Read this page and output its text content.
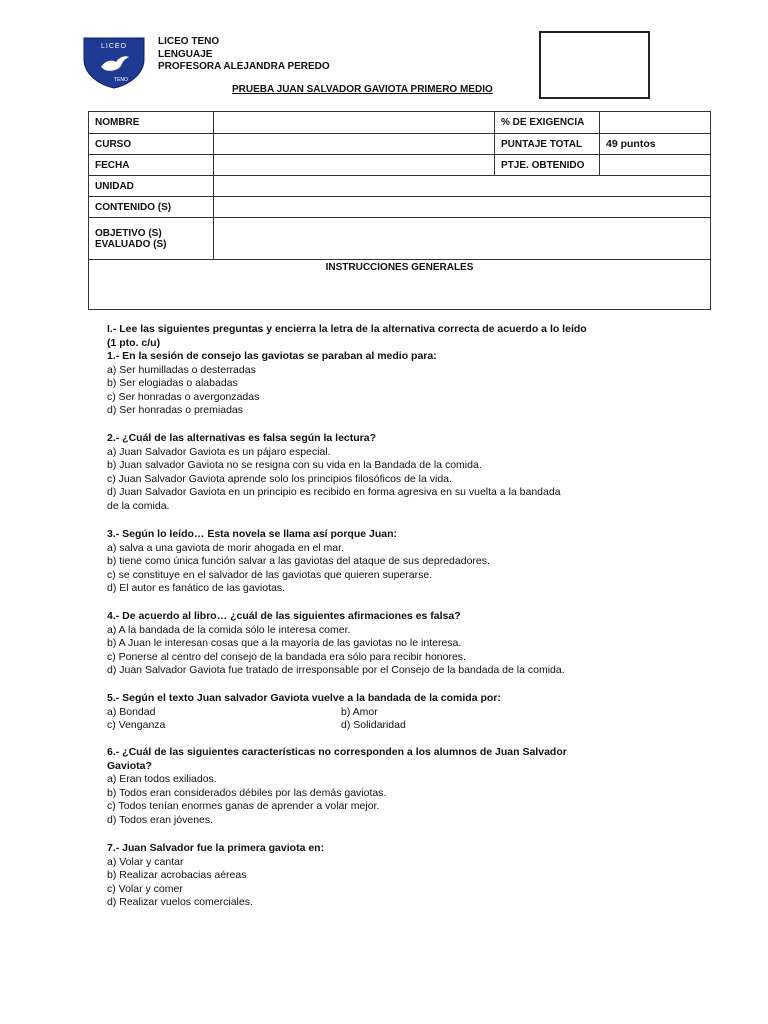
LICEO
TENO
LICEO TENO
LENGUAJE
PROFESORA ALEJANDRA PEREDO
PRUEBA JUAN SALVADOR GAVIOTA PRIMERO MEDIO
NOMBRE		% DE EXIGENCIA	
CURSO		PUNTAJE TOTAL	49 puntos
FECHA		PTJE. OBTENIDO	
UNIDAD			
CONTENIDO (S)			

OBJETIVO (S)
EVALUADO (S)			

INSTRUCCIONES GENERALES			
I.- Lee las siguientes preguntas y encierra la letra de la alternativa correcta de acuerdo a lo leído
(1 pto. c/u)
1.- En la sesión de consejo las gaviotas se paraban al medio para:
a) Ser humilladas o desterradas
b) Ser elogiadas o alabadas
c) Ser honradas o avergonzadas
d) Ser honradas o premiadas
2.- ¿Cuál de las alternativas es falsa según la lectura?
a) Juan Salvador Gaviota es un pájaro especial.
b) Juan salvador Gaviota no se resigna con su vida en la Bandada de la comida.
c) Juan Salvador Gaviota aprende solo los principios filosóficos de la vida.
d) Juan Salvador Gaviota en un principio es recibido en forma agresiva en su vuelta a la bandada
de la comida.
3.- Según lo leído… Esta novela se llama así porque Juan:
a) salva a una gaviota de morir ahogada en el mar.
b) tiene como única función salvar a las gaviotas del ataque de sus depredadores.
c) se constituye en el salvador de las gaviotas que quieren superarse.
d) El autor es fanático de las gaviotas.
4.- De acuerdo al libro… ¿cuál de las siguientes afirmaciones es falsa?
a) A la bandada de la comida sólo le interesa comer.
b) A Juan le interesan cosas que a la mayoría de las gaviotas no le interesa.
c) Ponerse al centro del consejo de la bandada era sólo para recibir honores.
d) Juan Salvador Gaviota fue tratado de irresponsable por el Consejo de la bandada de la comida.
5.- Según el texto Juan salvador Gaviota vuelve a la bandada de la comida por:
a) Bondad	b) Amor
c) Venganza	d) Solidaridad
6.- ¿Cuál de las siguientes características no corresponden a los alumnos de Juan Salvador
Gaviota?
a) Eran todos exiliados.
b) Todos eran considerados débiles por las demás gaviotas.
c) Todos tenían enormes ganas de aprender a volar mejor.
d) Todos eran jóvenes.
7.- Juan Salvador fue la primera gaviota en:
a) Volar y cantar
b) Realizar acrobacias aéreas
c) Volar y comer
d) Realizar vuelos comerciales.
